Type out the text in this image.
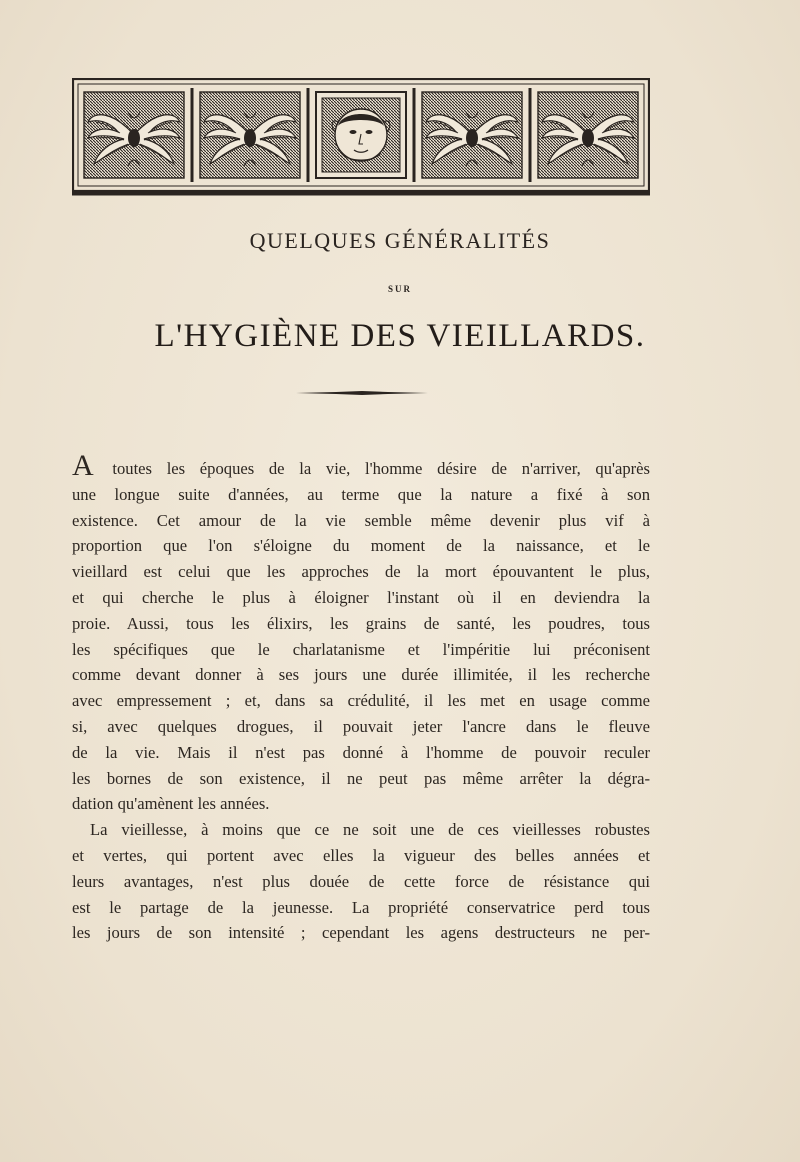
QUELQUES GÉNÉRALITÉS
SUR
L'HYGIÈNE DES VIEILLARDS.
A toutes les époques de la vie, l'homme désire de n'arriver, qu'après
une longue suite d'années, au terme que la nature a fixé à son
existence. Cet amour de la vie semble même devenir plus vif à
proportion que l'on s'éloigne du moment de la naissance, et le
vieillard est celui que les approches de la mort épouvantent le plus,
et qui cherche le plus à éloigner l'instant où il en deviendra la
proie. Aussi, tous les élixirs, les grains de santé, les poudres, tous
les spécifiques que le charlatanisme et l'impéritie lui préconisent
comme devant donner à ses jours une durée illimitée, il les recherche
avec empressement ; et, dans sa crédulité, il les met en usage comme
si, avec quelques drogues, il pouvait jeter l'ancre dans le fleuve
de la vie. Mais il n'est pas donné à l'homme de pouvoir reculer
les bornes de son existence, il ne peut pas même arrêter la dégra-
dation qu'amènent les années.
La vieillesse, à moins que ce ne soit une de ces vieillesses robustes
et vertes, qui portent avec elles la vigueur des belles années et
leurs avantages, n'est plus douée de cette force de résistance qui
est le partage de la jeunesse. La propriété conservatrice perd tous
les jours de son intensité ; cependant les agens destructeurs ne per-
